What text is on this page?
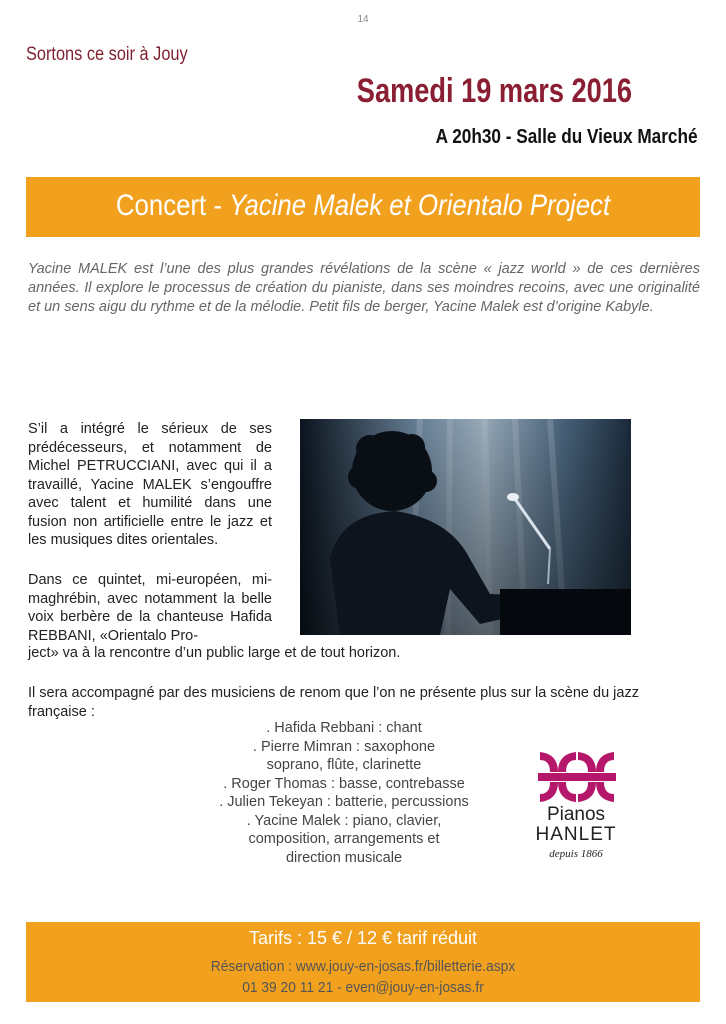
14
Sortons ce soir à Jouy
Samedi 19 mars 2016
A 20h30 - Salle du Vieux Marché
Concert - Yacine Malek et Orientalo Project
Yacine MALEK est l’une des plus grandes révélations de la scène « jazz world » de ces dernières années. Il explore le processus de création du pianiste, dans ses moindres recoins, avec une originalité et un sens aigu du rythme et de la mélodie. Petit fils de berger, Yacine Malek est d’origine Kabyle.
S’il a intégré le sérieux de ses prédécesseurs, et notamment de Michel PETRUCCIANI, avec qui il a travaillé, Yacine MALEK s’engouffre avec talent et humilité dans une fusion non artificielle entre le jazz et les musiques dites orientales.
Dans ce quintet, mi-européen, mi-maghrébin, avec notamment la belle voix berbère de la chanteuse Hafida REBBANI, «Orientalo Pro-
ject» va à la rencontre d’un public large et de tout horizon.
Il sera accompagné par des musiciens de renom que l’on ne présente plus sur la scène du jazz française :
. Hafida Rebbani : chant
. Pierre Mimran : saxophone
soprano, flûte, clarinette
. Roger Thomas : basse, contrebasse
. Julien Tekeyan : batterie, percussions
. Yacine Malek : piano, clavier,
composition, arrangements et
direction musicale
Pianos
HANLET
depuis 1866
Tarifs : 15 € / 12 € tarif réduit
Réservation : www.jouy-en-josas.fr/billetterie.aspx
01 39 20 11 21 - even@jouy-en-josas.fr
